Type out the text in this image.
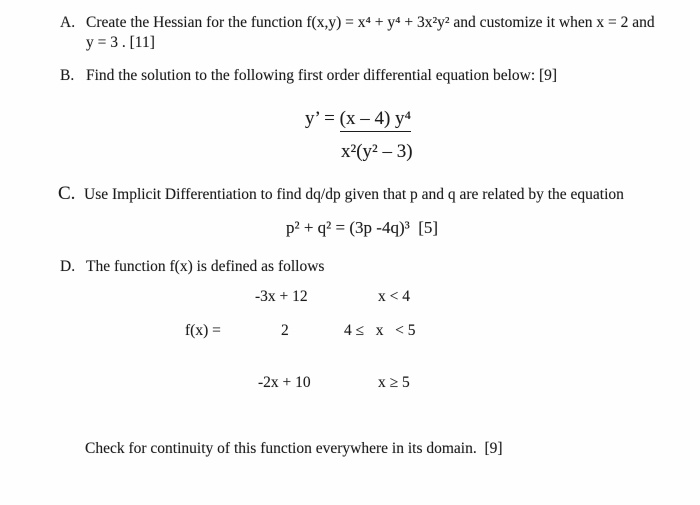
A. Create the Hessian for the function f(x,y) = x⁴ + y⁴ + 3x²y² and customize it when x = 2 and
y = 3 . [11]
B. Find the solution to the following first order differential equation below: [9]
y’ = (x – 4) y⁴
x²(y² – 3)
C. Use Implicit Differentiation to find dq/dp given that p and q are related by the equation
p² + q² = (3p -4q)³  [5]
D. The function f(x) is defined as follows
-3x + 12	x < 4
f(x) =	2	4 ≤   x   < 5
-2x + 10	x ≥ 5
Check for continuity of this function everywhere in its domain.  [9]
